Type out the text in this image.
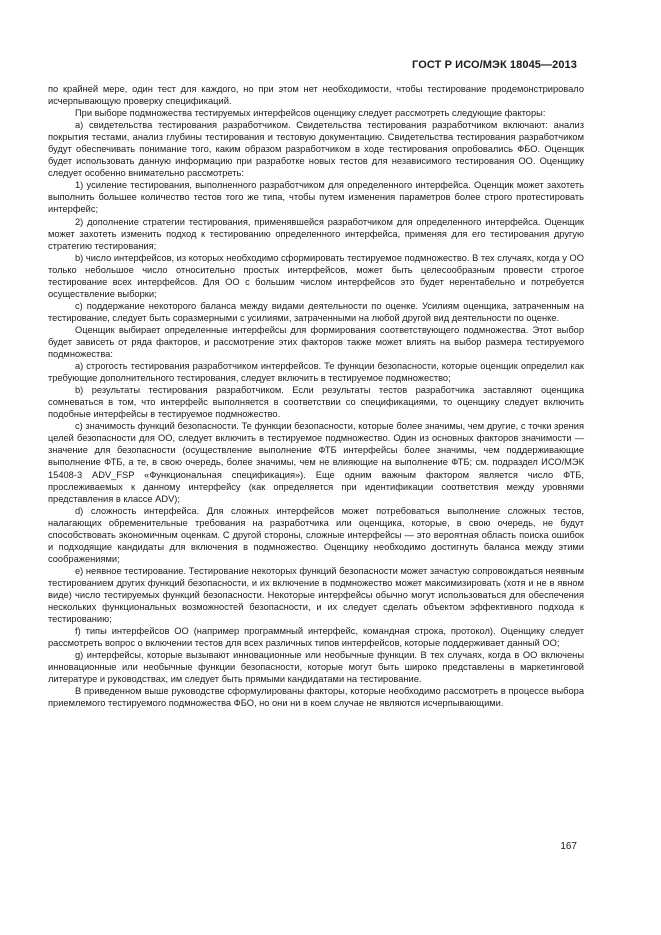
ГОСТ Р ИСО/МЭК 18045—2013

по крайней мере, один тест для каждого, но при этом нет необходимости, чтобы тестирование продемонстрировало исчерпывающую проверку спецификаций.

При выборе подмножества тестируемых интерфейсов оценщику следует рассмотреть следующие факторы:

а) свидетельства тестирования разработчиком. Свидетельства тестирования разработчиком включают: анализ покрытия тестами, анализ глубины тестирования и тестовую документацию. Свидетельства тестирования разработчиком будут обеспечивать понимание того, каким образом разработчиком в ходе тестирования опробовались ФБО. Оценщик будет использовать данную информацию при разработке новых тестов для независимого тестирования ОО. Оценщику следует особенно внимательно рассмотреть:

1) усиление тестирования, выполненного разработчиком для определенного интерфейса. Оценщик может захотеть выполнить большее количество тестов того же типа, чтобы путем изменения параметров более строго протестировать интерфейс;

2) дополнение стратегии тестирования, применявшейся разработчиком для определенного интерфейса. Оценщик может захотеть изменить подход к тестированию определенного интерфейса, применяя для его тестирования другую стратегию тестирования;

b) число интерфейсов, из которых необходимо сформировать тестируемое подмножество. В тех случаях, когда у ОО только небольшое число относительно простых интерфейсов, может быть целесообразным провести строгое тестирование всех интерфейсов. Для ОО с большим числом интерфейсов это будет нерентабельно и потребуется осуществление выборки;

c) поддержание некоторого баланса между видами деятельности по оценке. Усилиям оценщика, затраченным на тестирование, следует быть соразмерными с усилиями, затраченными на любой другой вид деятельности по оценке.

Оценщик выбирает определенные интерфейсы для формирования соответствующего подмножества. Этот выбор будет зависеть от ряда факторов, и рассмотрение этих факторов также может влиять на выбор размера тестируемого подмножества:

а) строгость тестирования разработчиком интерфейсов. Те функции безопасности, которые оценщик определил как требующие дополнительного тестирования, следует включить в тестируемое подмножество;

b) результаты тестирования разработчиком. Если результаты тестов разработчика заставляют оценщика сомневаться в том, что интерфейс выполняется в соответствии со спецификациями, то оценщику следует включить подобные интерфейсы в тестируемое подмножество.

c) значимость функций безопасности. Те функции безопасности, которые более значимы, чем другие, с точки зрения целей безопасности для ОО, следует включить в тестируемое подмножество. Один из основных факторов значимости — значение для безопасности (осуществление выполнение ФТБ интерфейсы более значимы, чем поддерживающие выполнение ФТБ, а те, в свою очередь, более значимы, чем не влияющие на выполнение ФТБ; см. подраздел ИСО/МЭК 15408-3 ADV_FSP «Функциональная спецификация»). Еще одним важным фактором является число ФТБ, прослеживаемых к данному интерфейсу (как определяется при идентификации соответствия между уровнями представления в классе ADV);

d) сложность интерфейса. Для сложных интерфейсов может потребоваться выполнение сложных тестов, налагающих обременительные требования на разработчика или оценщика, которые, в свою очередь, не будут способствовать экономичным оценкам. С другой стороны, сложные интерфейсы — это вероятная область поиска ошибок и подходящие кандидаты для включения в подмножество. Оценщику необходимо достигнуть баланса между этими соображениями;

e) неявное тестирование. Тестирование некоторых функций безопасности может зачастую сопровождаться неявным тестированием других функций безопасности, и их включение в подмножество может максимизировать (хотя и не в явном виде) число тестируемых функций безопасности. Некоторые интерфейсы обычно могут использоваться для обеспечения нескольких функциональных возможностей безопасности, и их следует сделать объектом эффективного подхода к тестированию;

f) типы интерфейсов ОО (например программный интерфейс, командная строка, протокол). Оценщику следует рассмотреть вопрос о включении тестов для всех различных типов интерфейсов, которые поддерживает данный ОО;

g) интерфейсы, которые вызывают инновационные или необычные функции. В тех случаях, когда в ОО включены инновационные или необычные функции безопасности, которые могут быть широко представлены в маркетинговой литературе и руководствах, им следует быть прямыми кандидатами на тестирование.

В приведенном выше руководстве сформулированы факторы, которые необходимо рассмотреть в процессе выбора приемлемого тестируемого подмножества ФБО, но они ни в коем случае не являются исчерпывающими.

167
